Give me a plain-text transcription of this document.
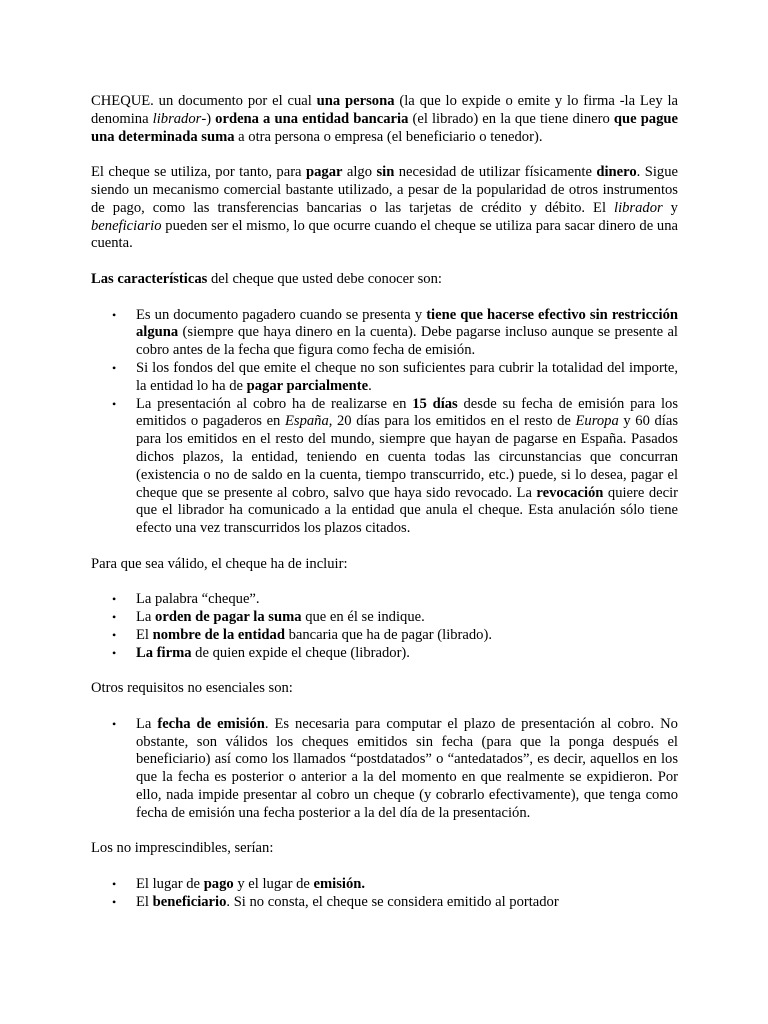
CHEQUE. un documento por el cual una persona (la que lo expide o emite y lo firma -la Ley la denomina librador-) ordena a una entidad bancaria (el librado) en la que tiene dinero que pague una determinada suma a otra persona o empresa (el beneficiario o tenedor).

El cheque se utiliza, por tanto, para pagar algo sin necesidad de utilizar físicamente dinero. Sigue siendo un mecanismo comercial bastante utilizado, a pesar de la popularidad de otros instrumentos de pago, como las transferencias bancarias o las tarjetas de crédito y débito. El librador y beneficiario pueden ser el mismo, lo que ocurre cuando el cheque se utiliza para sacar dinero de una cuenta.

Las características del cheque que usted debe conocer son:

• Es un documento pagadero cuando se presenta y tiene que hacerse efectivo sin restricción alguna (siempre que haya dinero en la cuenta). Debe pagarse incluso aunque se presente al cobro antes de la fecha que figura como fecha de emisión.
• Si los fondos del que emite el cheque no son suficientes para cubrir la totalidad del importe, la entidad lo ha de pagar parcialmente.
• La presentación al cobro ha de realizarse en 15 días desde su fecha de emisión para los emitidos o pagaderos en España, 20 días para los emitidos en el resto de Europa y 60 días para los emitidos en el resto del mundo, siempre que hayan de pagarse en España. Pasados dichos plazos, la entidad, teniendo en cuenta todas las circunstancias que concurran (existencia o no de saldo en la cuenta, tiempo transcurrido, etc.) puede, si lo desea, pagar el cheque que se presente al cobro, salvo que haya sido revocado. La revocación quiere decir que el librador ha comunicado a la entidad que anula el cheque. Esta anulación sólo tiene efecto una vez transcurridos los plazos citados.

Para que sea válido, el cheque ha de incluir:

• La palabra “cheque”.
• La orden de pagar la suma que en él se indique.
• El nombre de la entidad bancaria que ha de pagar (librado).
• La firma de quien expide el cheque (librador).

Otros requisitos no esenciales son:

• La fecha de emisión. Es necesaria para computar el plazo de presentación al cobro. No obstante, son válidos los cheques emitidos sin fecha (para que la ponga después el beneficiario) así como los llamados “postdatados” o “antedatados”, es decir, aquellos en los que la fecha es posterior o anterior a la del momento en que realmente se expidieron. Por ello, nada impide presentar al cobro un cheque (y cobrarlo efectivamente), que tenga como fecha de emisión una fecha posterior a la del día de la presentación.

Los no imprescindibles, serían:

• El lugar de pago y el lugar de emisión.
• El beneficiario. Si no consta, el cheque se considera emitido al portador
